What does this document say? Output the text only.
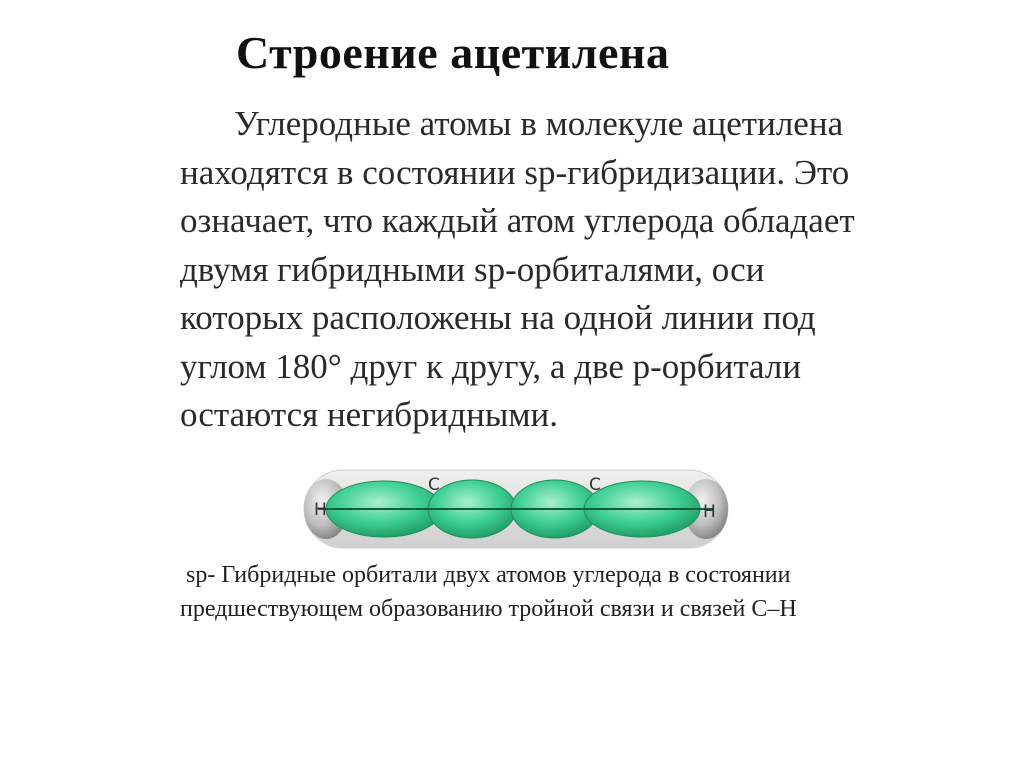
Строение ацетилена
Углеродные атомы в молекуле ацетилена
находятся в состоянии sp-гибридизации. Это
означает, что каждый атом углерода обладает
двумя гибридными sp-орбиталями, оси
которых расположены на одной линии под
углом 180° друг к другу, а две p-орбитали
остаются негибридными.
H
C	C
H
sp- Гибридные орбитали двух атомов углерода в состоянии
предшествующем образованию тройной связи и связей C–H
